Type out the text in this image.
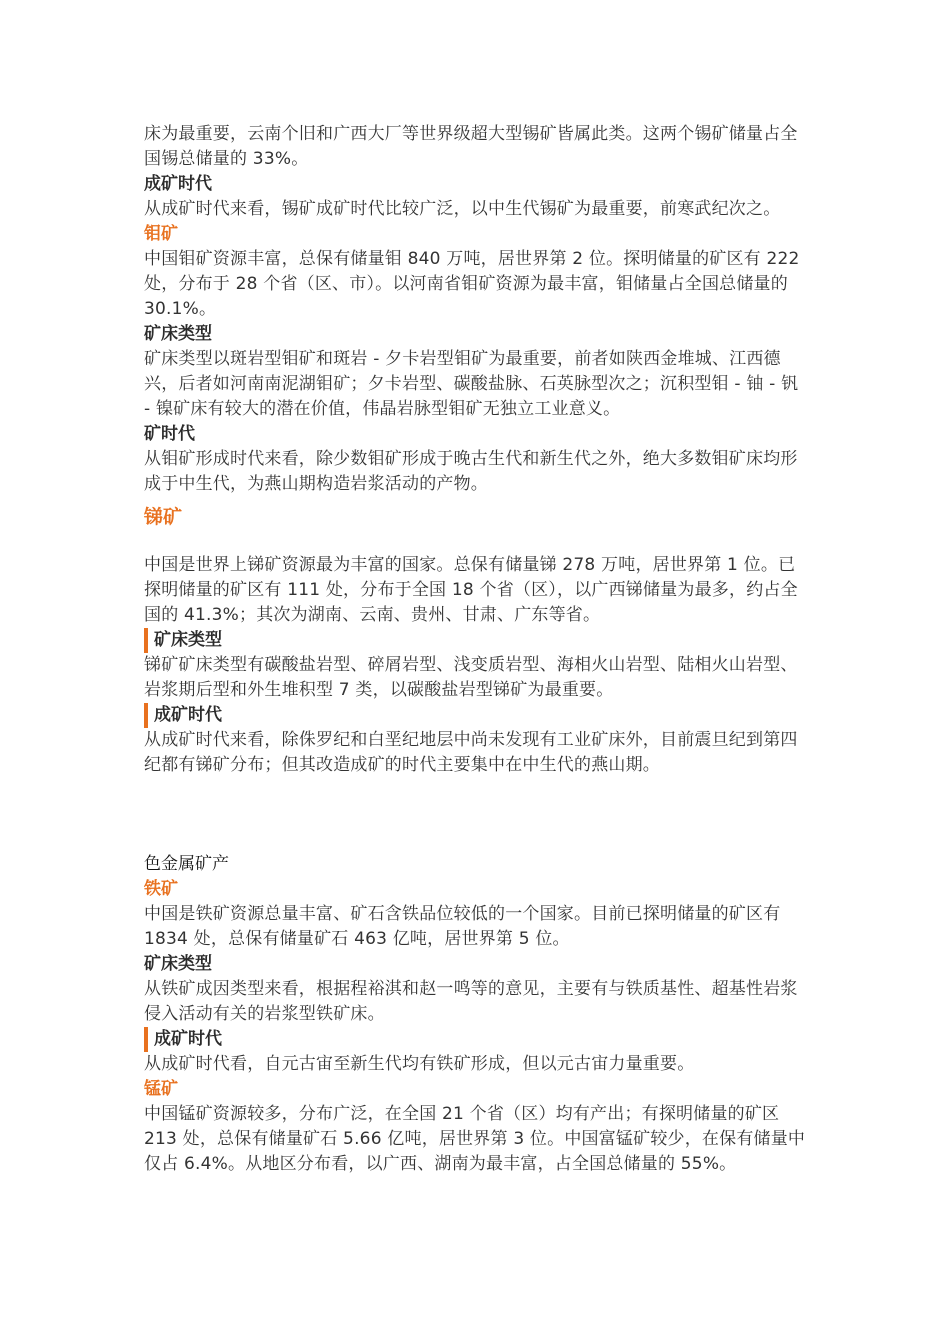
床为最重要，云南个旧和广西大厂等世界级超大型锡矿皆属此类。这两个锡矿储量占全国锡总储量的 33%。

成矿时代

从成矿时代来看，锡矿成矿时代比较广泛，以中生代锡矿为最重要，前寒武纪次之。

钼矿

中国钼矿资源丰富，总保有储量钼 840 万吨，居世界第 2 位。探明储量的矿区有 222 处，分布于 28 个省（区、市）。以河南省钼矿资源为最丰富，钼储量占全国总储量的 30.1%。

矿床类型

矿床类型以斑岩型钼矿和斑岩 - 夕卡岩型钼矿为最重要，前者如陕西金堆城、江西德兴，后者如河南南泥湖钼矿；夕卡岩型、碳酸盐脉、石英脉型次之；沉积型钼 - 铀 - 钒 - 镍矿床有较大的潜在价值，伟晶岩脉型钼矿无独立工业意义。

矿时代

从钼矿形成时代来看，除少数钼矿形成于晚古生代和新生代之外，绝大多数钼矿床均形成于中生代，为燕山期构造岩浆活动的产物。

锑矿

中国是世界上锑矿资源最为丰富的国家。总保有储量锑 278 万吨，居世界第 1 位。已探明储量的矿区有 111 处，分布于全国 18 个省（区），以广西锑储量为最多，约占全国的 41.3%；其次为湖南、云南、贵州、甘肃、广东等省。

矿床类型

锑矿矿床类型有碳酸盐岩型、碎屑岩型、浅变质岩型、海相火山岩型、陆相火山岩型、岩浆期后型和外生堆积型 7 类，以碳酸盐岩型锑矿为最重要。

成矿时代

从成矿时代来看，除侏罗纪和白垩纪地层中尚未发现有工业矿床外，目前震旦纪到第四纪都有锑矿分布；但其改造成矿的时代主要集中在中生代的燕山期。

色金属矿产
铁矿

中国是铁矿资源总量丰富、矿石含铁品位较低的一个国家。目前已探明储量的矿区有 1834 处，总保有储量矿石 463 亿吨，居世界第 5 位。

矿床类型

从铁矿成因类型来看，根据程裕淇和赵一鸣等的意见，主要有与铁质基性、超基性岩浆侵入活动有关的岩浆型铁矿床。

成矿时代

从成矿时代看，自元古宙至新生代均有铁矿形成，但以元古宙力量重要。

锰矿

中国锰矿资源较多，分布广泛，在全国 21 个省（区）均有产出；有探明储量的矿区 213 处，总保有储量矿石 5.66 亿吨，居世界第 3 位。中国富锰矿较少，在保有储量中仅占 6.4%。从地区分布看，以广西、湖南为最丰富，占全国总储量的 55%。
